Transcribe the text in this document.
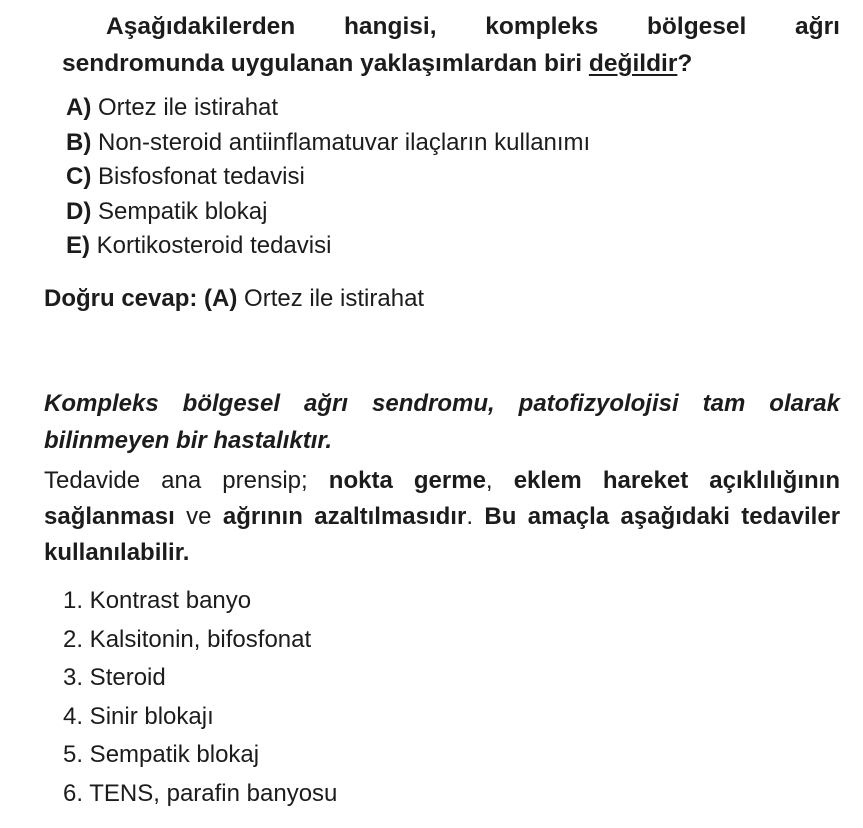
Aşağıdakilerden hangisi, kompleks bölgesel ağrı sendromunda uygulanan yaklaşımlardan biri değildir?
A) Ortez ile istirahat
B) Non-steroid antiinflamatuvar ilaçların kullanımı
C) Bisfosfonat tedavisi
D) Sempatik blokaj
E) Kortikosteroid tedavisi
Doğru cevap: (A) Ortez ile istirahat

Kompleks bölgesel ağrı sendromu, patofizyolojisi tam olarak bilinmeyen bir hastalıktır.

Tedavide ana prensip; nokta germe, eklem hareket açıklılığının sağlanması ve ağrının azaltılmasıdır. Bu amaçla aşağıdaki tedaviler kullanılabilir.

1. Kontrast banyo
2. Kalsitonin, bifosfonat
3. Steroid
4. Sinir blokajı
5. Sempatik blokaj
6. TENS, parafin banyosu
